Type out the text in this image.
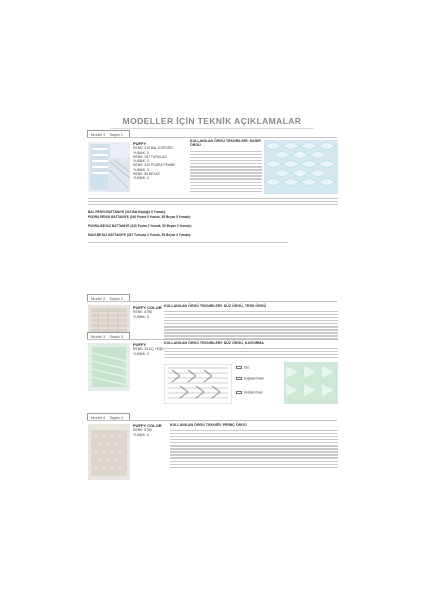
MODELLER İÇİN TEKNİK AÇIKLAMALAR
Model 1 Sayfa 1
PUFFY
RENK: 310 BAL KÖPÜĞÜ
YUMAK: 5
RENK: 287 TURKUAZ
YUMAK: 3
RENK: 340 PUDRA PEMBE
YUMAK: 3
RENK: 55 BEYAZ
YUMAK: 4
KULLANILAN ÖRGÜ TEKNİKLERİ: HASIR ÖRGÜ
BAL RENGİ BATTANİYE (310 Bal Köpüğü 5 Yumak):
PUDRA RENGİ BATTANİYE (340 Pudra 5 Yumak, 55 Beyaz 5 Yumak):
PUDRA-BEYAZ BATTANİYE (340 Pudra 3 Yumak, 55 Beyaz 3 Yumak):
MAVİ-BEYAZ BATTANİYE (287 Turkuaz 3 Yumak, 55 Beyaz 3 Yumak):
Model 2 Sayfa 2
PUFFY COLOR
RENK: 5796
YUMAK: 5
KULLANILAN ÖRGÜ TEKNİKLERİ: DÜZ ÖRGÜ, TERS ÖRGÜ
Model 3 Sayfa 3
PUFFY
RENK: 33 AÇ.YEŞİL
YUMAK: 5
KULLANILAN ÖRGÜ TEKNİKLERİ: DÜZ ÖRGÜ, KAYDIRMA
Düz
Sağdaki ilmek
Soldaki ilmek
Model 4 Sayfa 4
PUFFY COLOR
RENK: 5796
YUMAK: 6
KULLANILAN ÖRGÜ TEKNİĞİ: PİRİNÇ ÖRGÜ
